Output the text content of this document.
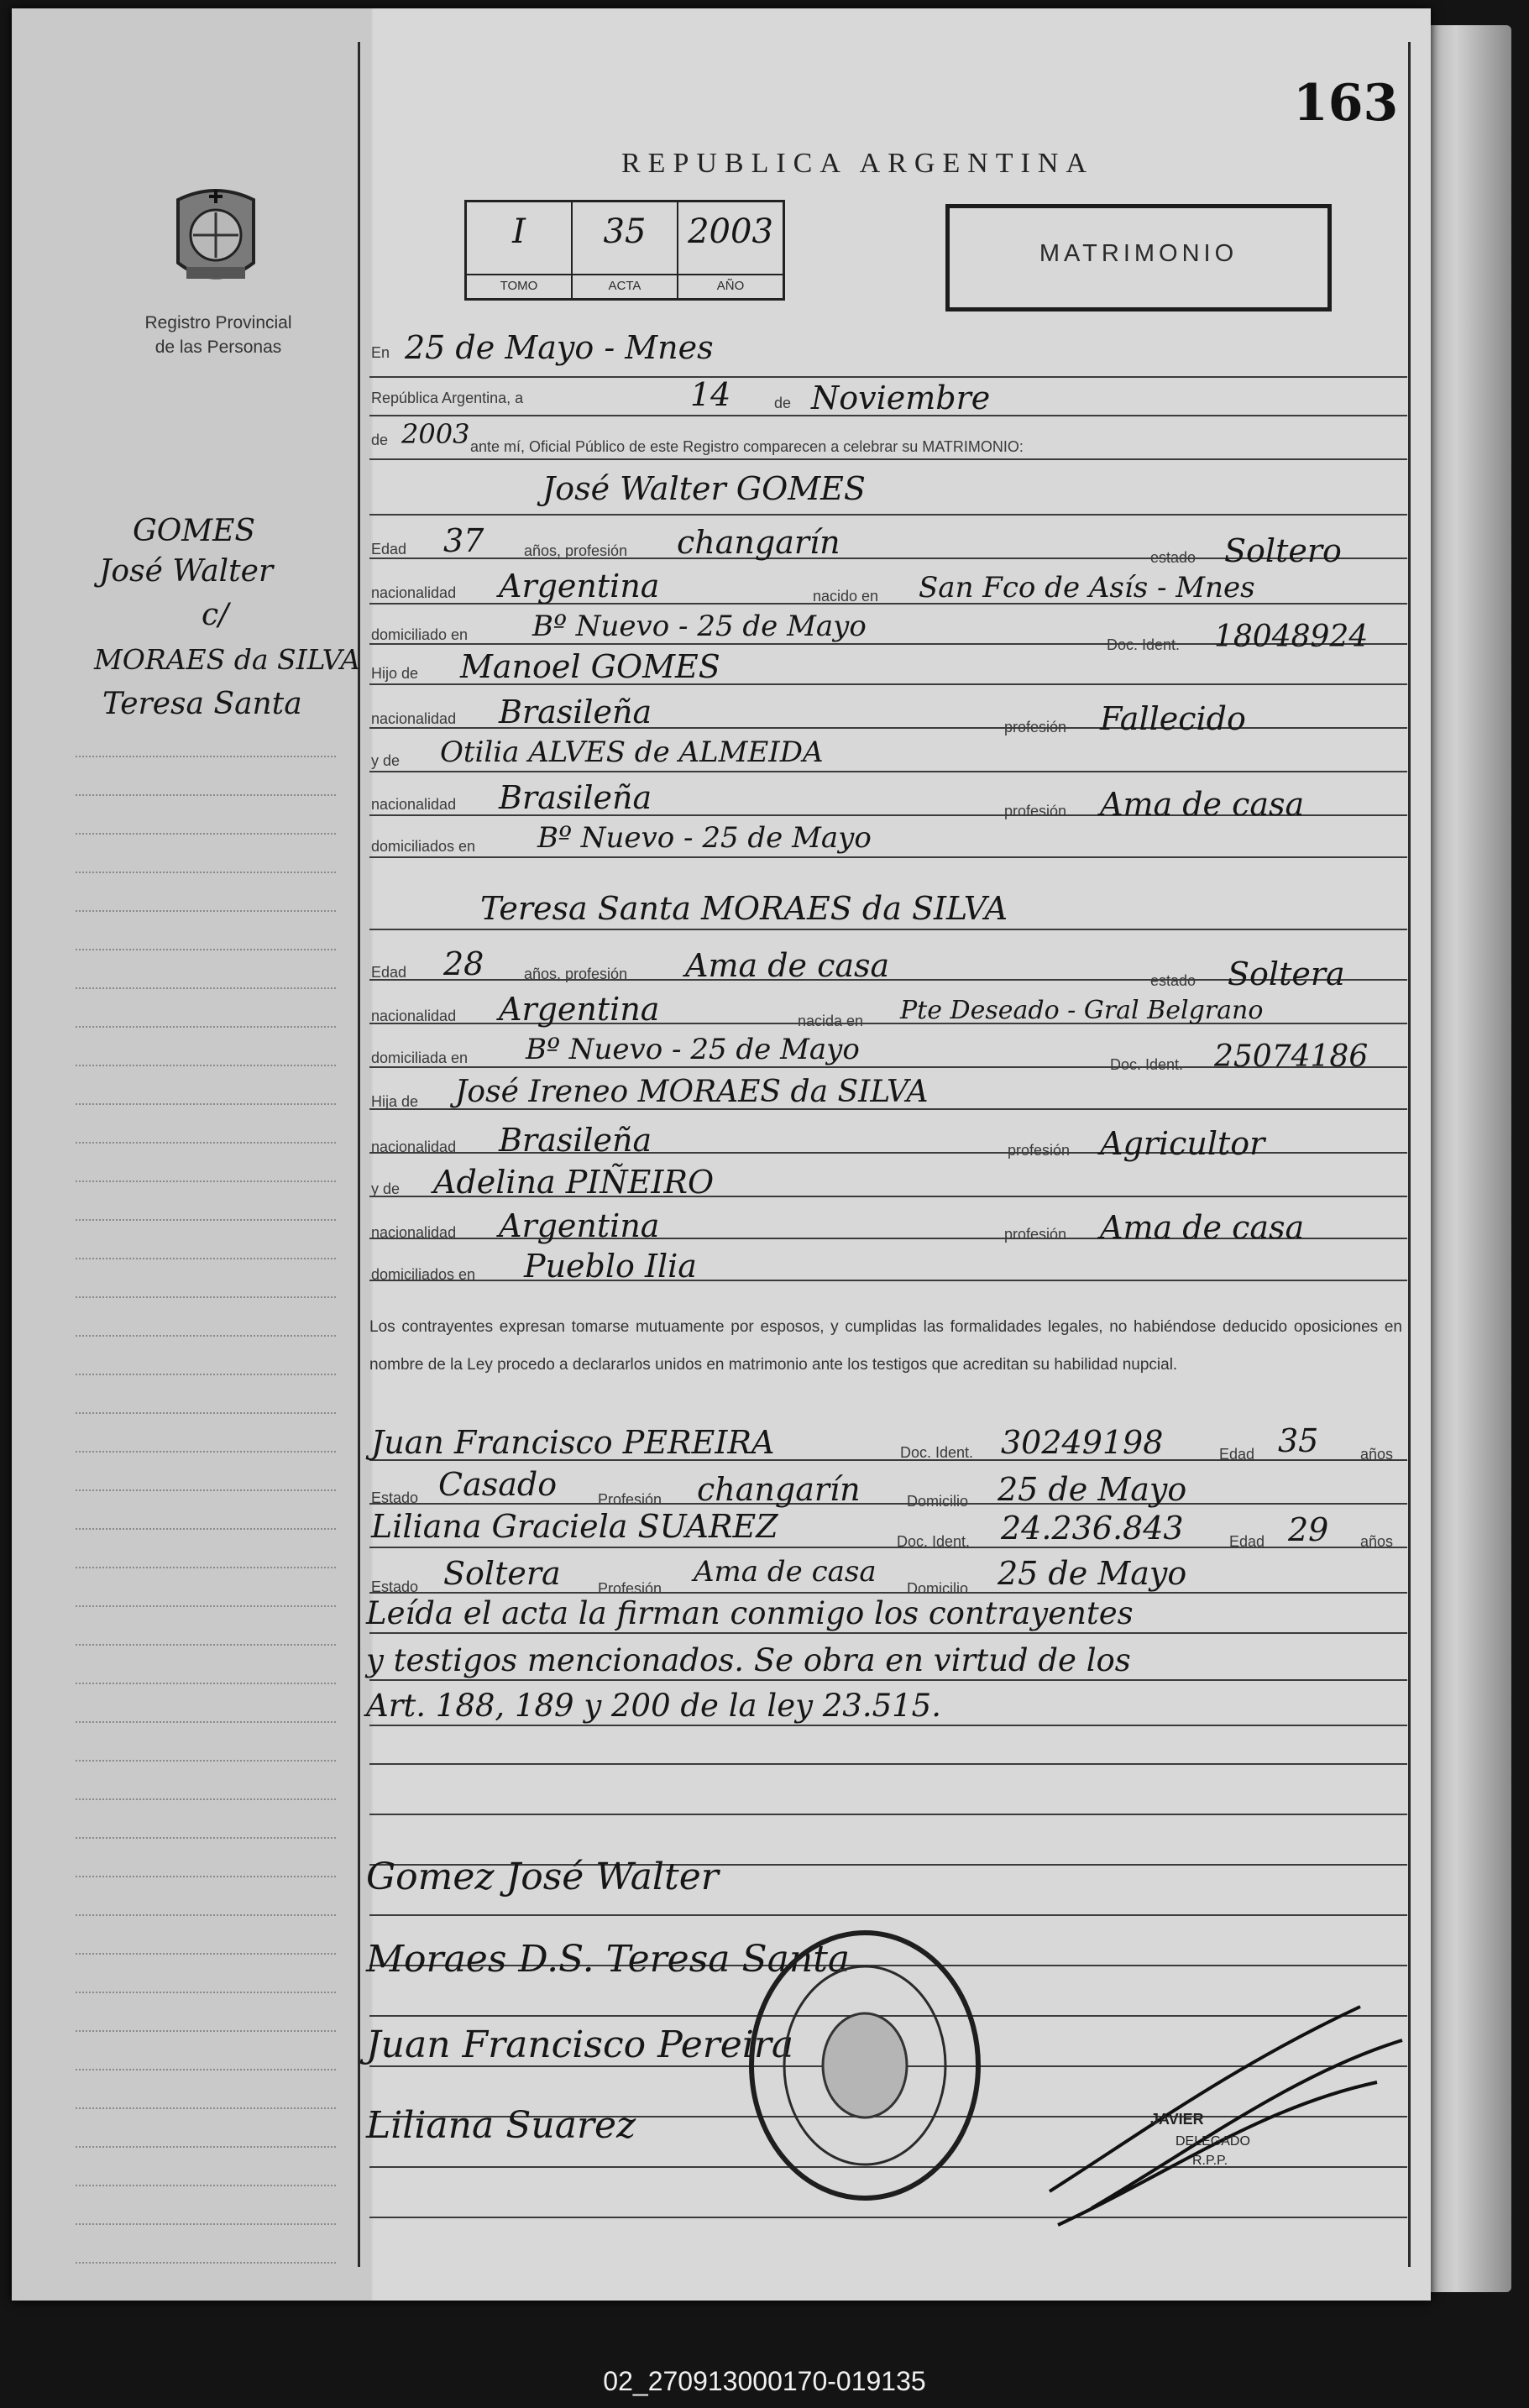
163
REPUBLICA ARGENTINA
Registro Provincial
de las Personas
I
TOMO
35
ACTA
2003
AÑO
MATRIMONIO
GOMES
José Walter
c/
MORAES da SILVA
Teresa Santa
En 25 de Mayo - Mnes
República Argentina, a	14	de Noviembre
de 2003 ante mí, Oficial Público de este Registro comparecen a celebrar su MATRIMONIO:
José Walter GOMES
Edad 37	años, profesión changarín	estado Soltero
nacionalidad Argentina	nacido en San Fco de Asís - Mnes
domiciliado en Bº Nuevo - 25 de Mayo
Doc. Ident. 18048924
Hijo de Manoel GOMES
nacionalidad Brasileña	profesión Fallecido
y de Otilia ALVES de ALMEIDA
nacionalidad Brasileña	profesión Ama de casa
domiciliados en Bº Nuevo - 25 de Mayo
Teresa Santa MORAES da SILVA
Edad 28	años, profesión Ama de casa	estado Soltera
nacionalidad Argentina	nacida en Pte Deseado - Gral Belgrano
domiciliada en Bº Nuevo - 25 de Mayo	Doc. Ident. 25074186
Hija de José Ireneo MORAES da SILVA
nacionalidad Brasileña	profesión Agricultor
y de Adelina PIÑEIRO
nacionalidad Argentina	profesión Ama de casa
domiciliados en Pueblo Ilia
Los contrayentes expresan tomarse mutuamente por esposos, y cumplidas las formalidades legales, no habiéndose deducido oposiciones en nombre de la Ley procedo a declararlos unidos en matrimonio ante los testigos que acreditan su habilidad nupcial.
Juan Francisco PEREIRA	Doc. Ident. 30249198	Edad 35	años
Estado Casado	Profesión changarín	Domicilio 25 de Mayo
Liliana Graciela SUAREZ	Doc. Ident. 24.236.843	Edad 29 años
Estado Soltera Profesión Ama de casa Domicilio 25 de Mayo
Leída el acta la firman conmigo los contrayentes
y testigos mencionados. Se obra en virtud de los
Art. 188, 189 y 200 de la ley 23.515.
Gomez José Walter
Moraes D.S. Teresa Santa
Juan Francisco Pereira
Liliana Suarez	JAVIER
DELEGADO
R.P.P.
02_270913000170-019135
